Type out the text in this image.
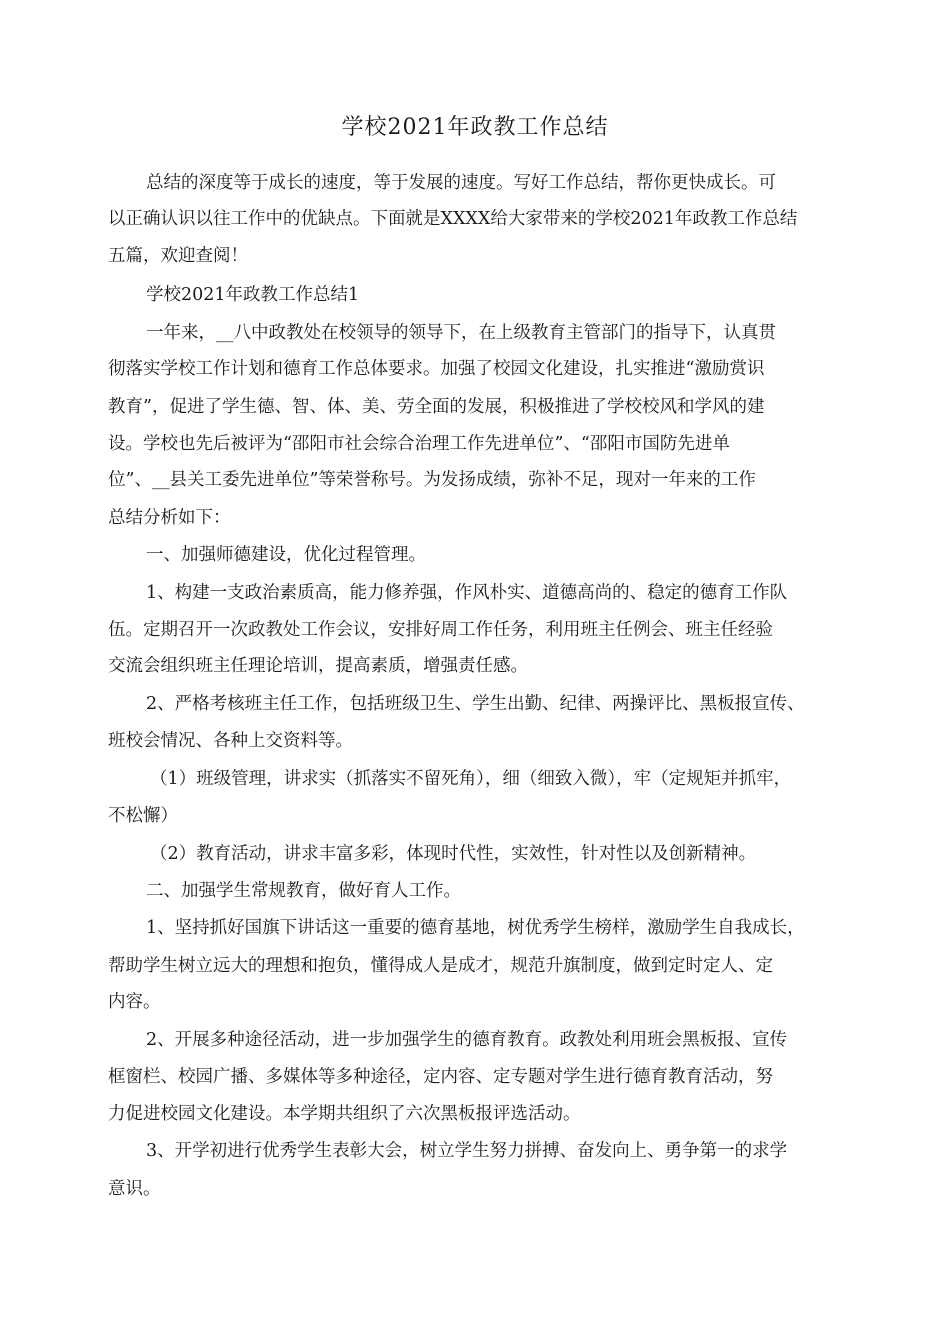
学校2021年政教工作总结
总结的深度等于成长的速度，等于发展的速度。写好工作总结，帮你更快成长。可
以正确认识以往工作中的优缺点。下面就是XXXX给大家带来的学校2021年政教工作总结
五篇，欢迎查阅！
学校2021年政教工作总结1
一年来，__八中政教处在校领导的领导下，在上级教育主管部门的指导下，认真贯
彻落实学校工作计划和德育工作总体要求。加强了校园文化建设，扎实推进“激励赏识
教育”，促进了学生德、智、体、美、劳全面的发展，积极推进了学校校风和学风的建
设。学校也先后被评为“邵阳市社会综合治理工作先进单位”、“邵阳市国防先进单
位”、__县关工委先进单位”等荣誉称号。为发扬成绩，弥补不足，现对一年来的工作
总结分析如下：
一、加强师德建设，优化过程管理。
1、构建一支政治素质高，能力修养强，作风朴实、道德高尚的、稳定的德育工作队
伍。定期召开一次政教处工作会议，安排好周工作任务，利用班主任例会、班主任经验
交流会组织班主任理论培训，提高素质，增强责任感。
2、严格考核班主任工作，包括班级卫生、学生出勤、纪律、两操评比、黑板报宣传、
班校会情况、各种上交资料等。
（1）班级管理，讲求实（抓落实不留死角），细（细致入微），牢（定规矩并抓牢，
不松懈）
（2）教育活动，讲求丰富多彩，体现时代性，实效性，针对性以及创新精神。
二、加强学生常规教育，做好育人工作。
1、坚持抓好国旗下讲话这一重要的德育基地，树优秀学生榜样，激励学生自我成长，
帮助学生树立远大的理想和抱负，懂得成人是成才，规范升旗制度，做到定时定人、定
内容。
2、开展多种途径活动，进一步加强学生的德育教育。政教处利用班会黑板报、宣传
框窗栏、校园广播、多媒体等多种途径，定内容、定专题对学生进行德育教育活动，努
力促进校园文化建设。本学期共组织了六次黑板报评选活动。
3、开学初进行优秀学生表彰大会，树立学生努力拼搏、奋发向上、勇争第一的求学
意识。
